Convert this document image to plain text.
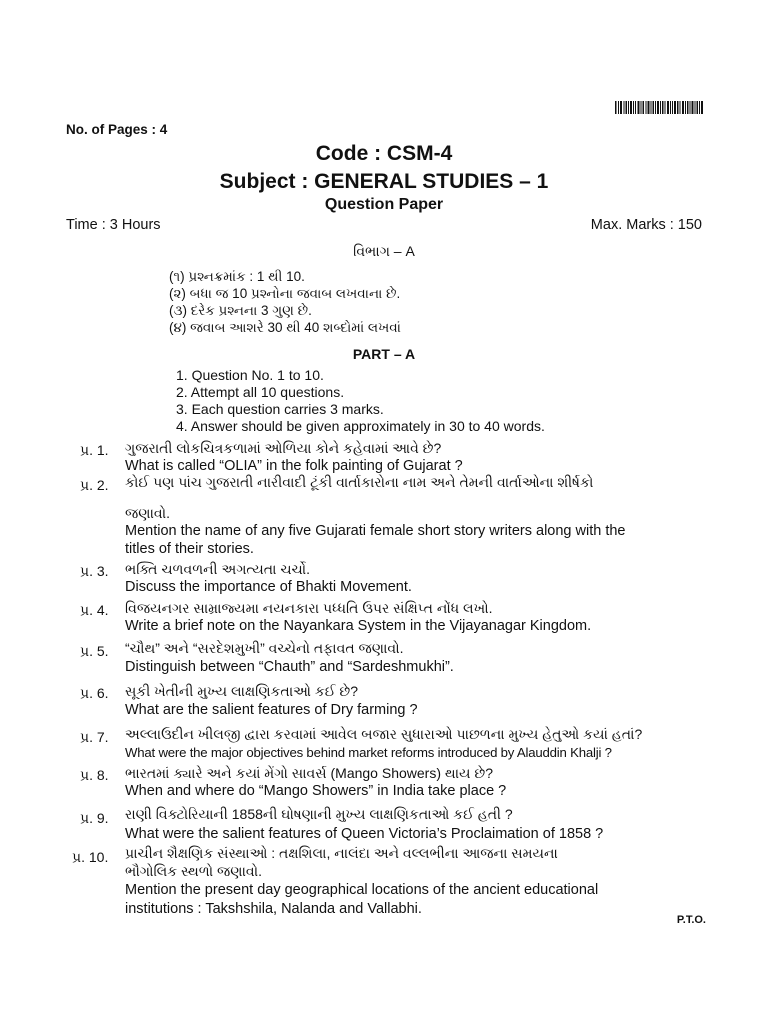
No. of Pages : 4
Code : CSM-4
Subject : GENERAL STUDIES – 1
Question Paper
Time : 3 Hours	Max. Marks : 150
વિભાગ – A
(૧) પ્રશ્નક્રમાંક : 1 થી 10.
(૨) બધા જ 10 પ્રશ્નોના જવાબ લખવાના છે.
(૩) દરેક પ્રશ્નના 3 ગુણ છે.
(૪) જવાબ આશરે 30 થી 40 શબ્દોમાં લખવાં
PART – A
1. Question No. 1 to 10.
2. Attempt all 10 questions.
3. Each question carries 3 marks.
4. Answer should be given approximately in 30 to 40 words.
પ્ર. 1. ગુજરાતી લોકચિત્રકળામાં ઓળિયા કોને કહેવામાં આવે છે?
What is called “OLIA” in the folk painting of Gujarat ?
પ્ર. 2. કોઈ પણ પાંચ ગુજરાતી નારીવાદી ટૂંકી વાર્તાકારોના નામ અને તેમની વાર્તાઓના શીર્ષકો
જણાવો.
Mention the name of any five Gujarati female short story writers along with the
titles of their stories.
પ્ર. 3. ભક્તિ ચળવળની અગત્યતા ચર્ચો.
Discuss the importance of Bhakti Movement.
પ્ર. 4. વિજયનગર સામ્રાજ્યમા નયનકારા પધ્ધતિ ઉપર સંક્ષિપ્ત નોંધ લખો.
Write a brief note on the Nayankara System in the Vijayanagar Kingdom.
પ્ર. 5. “ચૌથ” અને “સરદેશમુખી” વચ્ચેનો તફાવત જણાવો.
Distinguish between “Chauth” and “Sardeshmukhi”.
પ્ર. 6. સૂકી ખેતીની મુખ્ય લાક્ષણિકતાઓ કઈ છે?
What are the salient features of Dry farming ?
પ્ર. 7. અલ્લાઉદીન ખીલજી દ્વારા કરવામાં આવેલ બજાર સુધારાઓ પાછળના મુખ્ય હેતુઓ કયાં હતાં?
What were the major objectives behind market reforms introduced by Alauddin Khalji ?
પ્ર. 8. ભારતમાં ક્યારે અને કયાં મેંગો સાવર્સ (Mango Showers) થાય છે?
When and where do “Mango Showers” in India take place ?
પ્ર. 9. રાણી વિક્ટોરિયાની 1858ની ઘોષણાની મુખ્ય લાક્ષણિકતાઓ કઈ હતી ?
What were the salient features of Queen Victoria’s Proclaimation of 1858 ?
પ્ર. 10. પ્રાચીન શૈક્ષણિક સંસ્થાઓ : તક્ષશિલા, નાલંદા અને વલ્લભીના આજના સમયના
ભૌગોલિક સ્થળો જણાવો.
Mention the present day geographical locations of the ancient educational
institutions : Takshshila, Nalanda and Vallabhi.
P.T.O.
